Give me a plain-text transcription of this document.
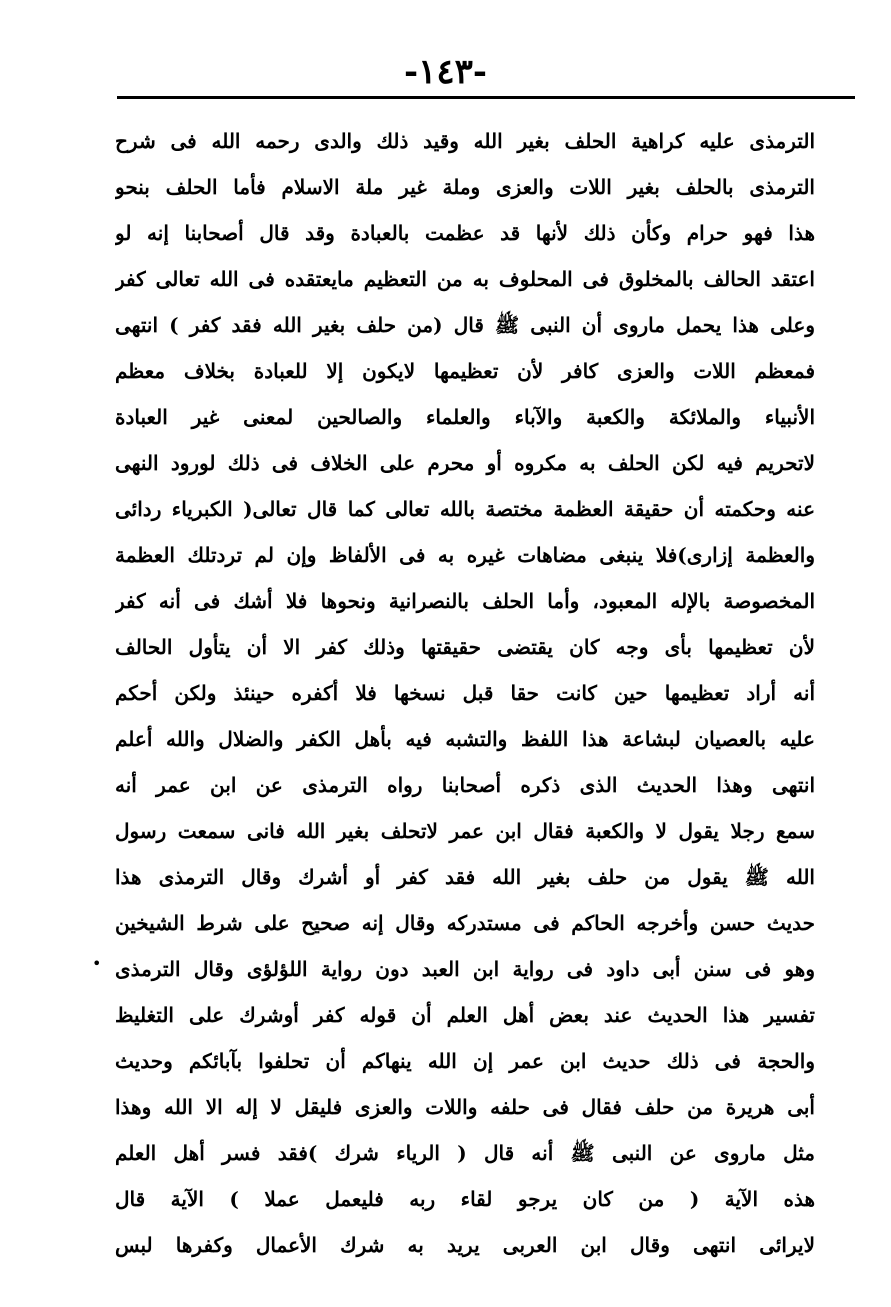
-١٤٣-
الترمذى عليه كراهية الحلف بغير الله وقيد ذلك والدى رحمه الله فى شرح
الترمذى بالحلف بغير اللات والعزى وملة غير ملة الاسلام فأما الحلف بنحو
هذا فهو حرام وكأن ذلك لأنها قد عظمت بالعبادة وقد قال أصحابنا إنه لو
اعتقد الحالف بالمخلوق فى المحلوف به من التعظيم مايعتقده فى الله تعالى كفر
وعلى هذا يحمل ماروى أن النبى ﷺ قال (من حلف بغير الله فقد كفر ) انتهى
فمعظم اللات والعزى كافر لأن تعظيمها لايكون إلا للعبادة بخلاف معظم
الأنبياء والملائكة والكعبة والآباء والعلماء والصالحين لمعنى غير العبادة
لاتحريم فيه لكن الحلف به مكروه أو محرم على الخلاف فى ذلك لورود النهى
عنه وحكمته أن حقيقة العظمة مختصة بالله تعالى كما قال تعالى( الكبرياء ردائى
والعظمة إزارى)فلا ينبغى مضاهات غيره به فى الألفاظ وإن لم تردتلك العظمة
المخصوصة بالإله المعبود، وأما الحلف بالنصرانية ونحوها فلا أشك فى أنه كفر
لأن تعظيمها بأى وجه كان يقتضى حقيقتها وذلك كفر الا أن يتأول الحالف
أنه أراد تعظيمها حين كانت حقا قبل نسخها فلا أكفره حينئذ ولكن أحكم
عليه بالعصيان لبشاعة هذا اللفظ والتشبه فيه بأهل الكفر والضلال والله أعلم
انتهى وهذا الحديث الذى ذكره أصحابنا رواه الترمذى عن ابن عمر أنه
سمع رجلا يقول لا والكعبة فقال ابن عمر لاتحلف بغير الله فانى سمعت رسول
الله ﷺ يقول من حلف بغير الله فقد كفر أو أشرك وقال الترمذى هذا
حديث حسن وأخرجه الحاكم فى مستدركه وقال إنه صحيح على شرط الشيخين
وهو فى سنن أبى داود فى رواية ابن العبد دون رواية اللؤلؤى وقال الترمذى
تفسير هذا الحديث عند بعض أهل العلم أن قوله كفر أوشرك على التغليظ
والحجة فى ذلك حديث ابن عمر إن الله ينهاكم أن تحلفوا بآبائكم وحديث
أبى هريرة من حلف فقال فى حلفه واللات والعزى فليقل لا إله الا الله وهذا
مثل ماروى عن النبى ﷺ أنه قال ( الرياء شرك )فقد فسر أهل العلم
هذه الآية ( من كان يرجو لقاء ربه فليعمل عملا ) الآية قال
لايرائى انتهى وقال ابن العربى يريد به شرك الأعمال وكفرها لبس
•
